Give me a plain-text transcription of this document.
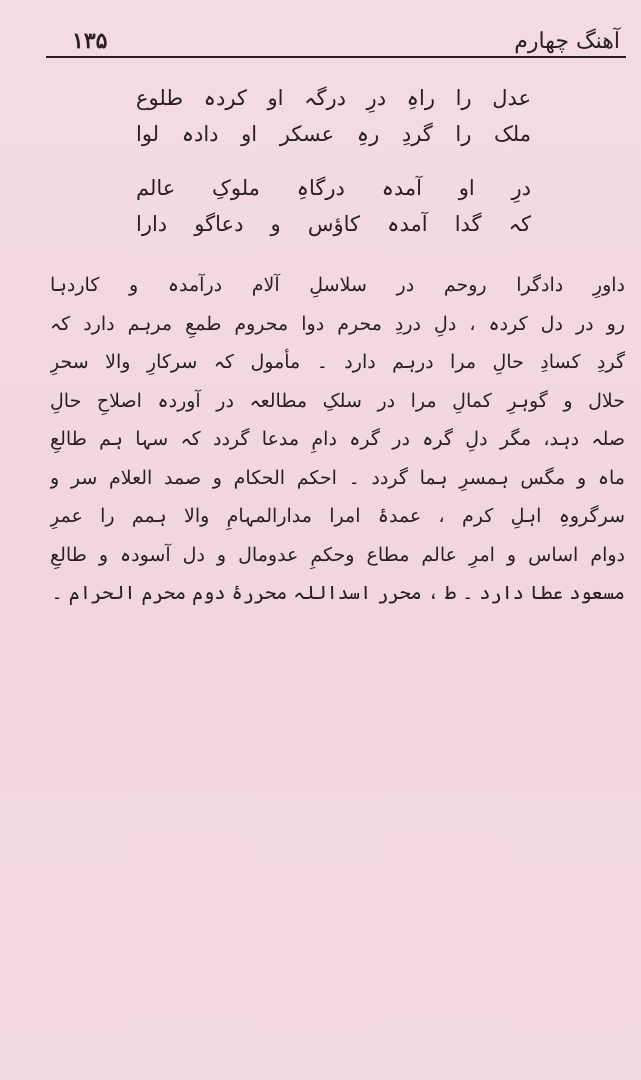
۱۳۵	آهنگ چهارم
عدل را راہِ درِ درگہ او کردہ طلوع
ملک را گردِ رہِ عسکر او دادہ لوا
درِ او آمدہ درگاہِ ملوکِ عالم
کہ گدا آمدہ کاؤس و دعاگو دارا
داورِ دادگرا روحم در سلاسلِ آلام درآمدہ و کاردہا
رو در دل کردہ ، دلِ دردِ محرم دوا محروم طمعِ مرہم دارد کہ
گردِ کسادِ حالِ مرا درہم دارد ۔ مأمول کہ سرکارِ والا سحرِ
حلال و گوہرِ کمالِ مرا در سلکِ مطالعہ در آوردہ اصلاحِ حالِ
صلہ دہد، مگر دلِ گرہ در گرہ دامِ مدعا گردد کہ سہا ہم طالعِ
ماہ و مگس ہمسرِ ہما گردد ۔ احکم الحکام و صمد العلام سر و
سرگروہِ اہلِ کرم ، عمدۂ امرا مدارالمہامِ والا ہمم را عمرِ
دوام اساس و امرِ عالم مطاع وحکمِ عدومال و دل آسودہ و طالعِ
مسعود عطا دارد ۔ ط ، محرر اسداللہ محررۂ دوم محرم الحرام ۔
